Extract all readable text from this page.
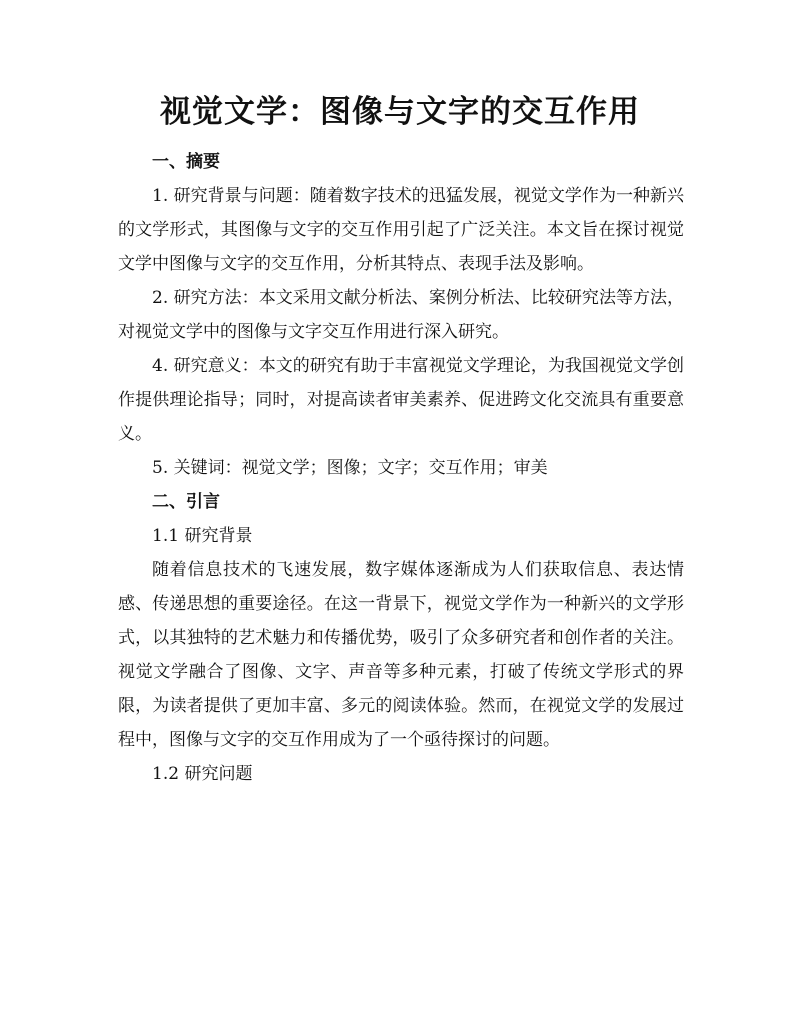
视觉文学：图像与文字的交互作用

一、摘要

1. 研究背景与问题：随着数字技术的迅猛发展，视觉文学作为一种新兴的文学形式，其图像与文字的交互作用引起了广泛关注。本文旨在探讨视觉文学中图像与文字的交互作用，分析其特点、表现手法及影响。

2. 研究方法：本文采用文献分析法、案例分析法、比较研究法等方法，对视觉文学中的图像与文字交互作用进行深入研究。

4. 研究意义：本文的研究有助于丰富视觉文学理论，为我国视觉文学创作提供理论指导；同时，对提高读者审美素养、促进跨文化交流具有重要意义。

5. 关键词：视觉文学；图像；文字；交互作用；审美

二、引言

1.1 研究背景

随着信息技术的飞速发展，数字媒体逐渐成为人们获取信息、表达情感、传递思想的重要途径。在这一背景下，视觉文学作为一种新兴的文学形式，以其独特的艺术魅力和传播优势，吸引了众多研究者和创作者的关注。视觉文学融合了图像、文字、声音等多种元素，打破了传统文学形式的界限，为读者提供了更加丰富、多元的阅读体验。然而，在视觉文学的发展过程中，图像与文字的交互作用成为了一个亟待探讨的问题。

1.2 研究问题
